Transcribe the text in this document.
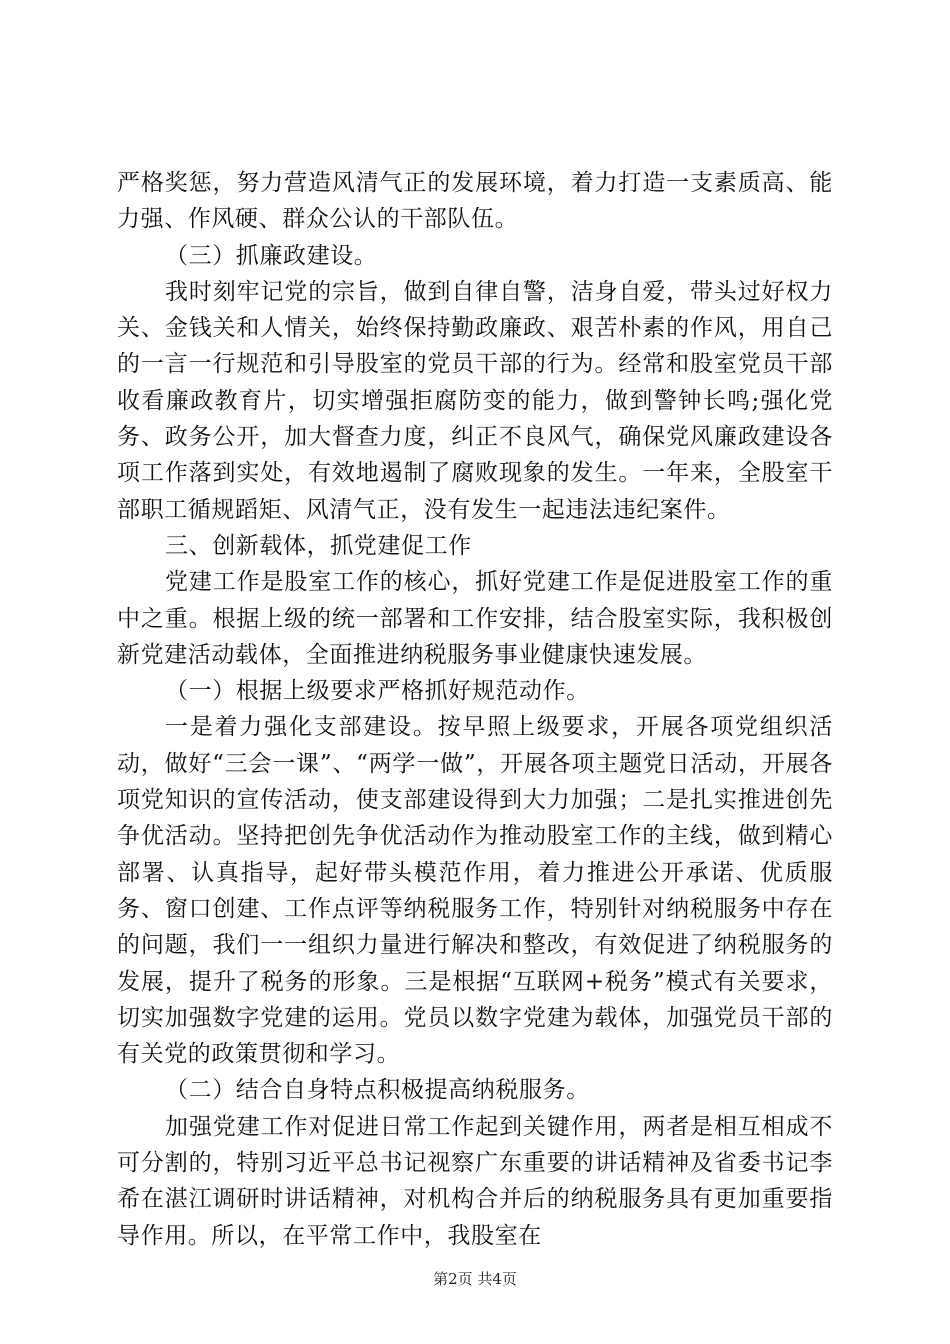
严格奖惩，努力营造风清气正的发展环境，着力打造一支素质高、能力强、作风硬、群众公认的干部队伍。

（三）抓廉政建设。

我时刻牢记党的宗旨，做到自律自警，洁身自爱，带头过好权力关、金钱关和人情关，始终保持勤政廉政、艰苦朴素的作风，用自己的一言一行规范和引导股室的党员干部的行为。经常和股室党员干部收看廉政教育片，切实增强拒腐防变的能力，做到警钟长鸣;强化党务、政务公开，加大督查力度，纠正不良风气，确保党风廉政建设各项工作落到实处，有效地遏制了腐败现象的发生。一年来，全股室干部职工循规蹈矩、风清气正，没有发生一起违法违纪案件。

三、创新载体，抓党建促工作

党建工作是股室工作的核心，抓好党建工作是促进股室工作的重中之重。根据上级的统一部署和工作安排，结合股室实际，我积极创新党建活动载体，全面推进纳税服务事业健康快速发展。

（一）根据上级要求严格抓好规范动作。

一是着力强化支部建设。按早照上级要求，开展各项党组织活动，做好“三会一课”、“两学一做”，开展各项主题党日活动，开展各项党知识的宣传活动，使支部建设得到大力加强；二是扎实推进创先争优活动。坚持把创先争优活动作为推动股室工作的主线，做到精心部署、认真指导，起好带头模范作用，着力推进公开承诺、优质服务、窗口创建、工作点评等纳税服务工作，特别针对纳税服务中存在的问题，我们一一组织力量进行解决和整改，有效促进了纳税服务的发展，提升了税务的形象。三是根据“互联网+税务”模式有关要求，切实加强数字党建的运用。党员以数字党建为载体，加强党员干部的有关党的政策贯彻和学习。

（二）结合自身特点积极提高纳税服务。

加强党建工作对促进日常工作起到关键作用，两者是相互相成不可分割的，特别习近平总书记视察广东重要的讲话精神及省委书记李希在湛江调研时讲话精神，对机构合并后的纳税服务具有更加重要指导作用。所以，在平常工作中，我股室在

第2页 共4页
